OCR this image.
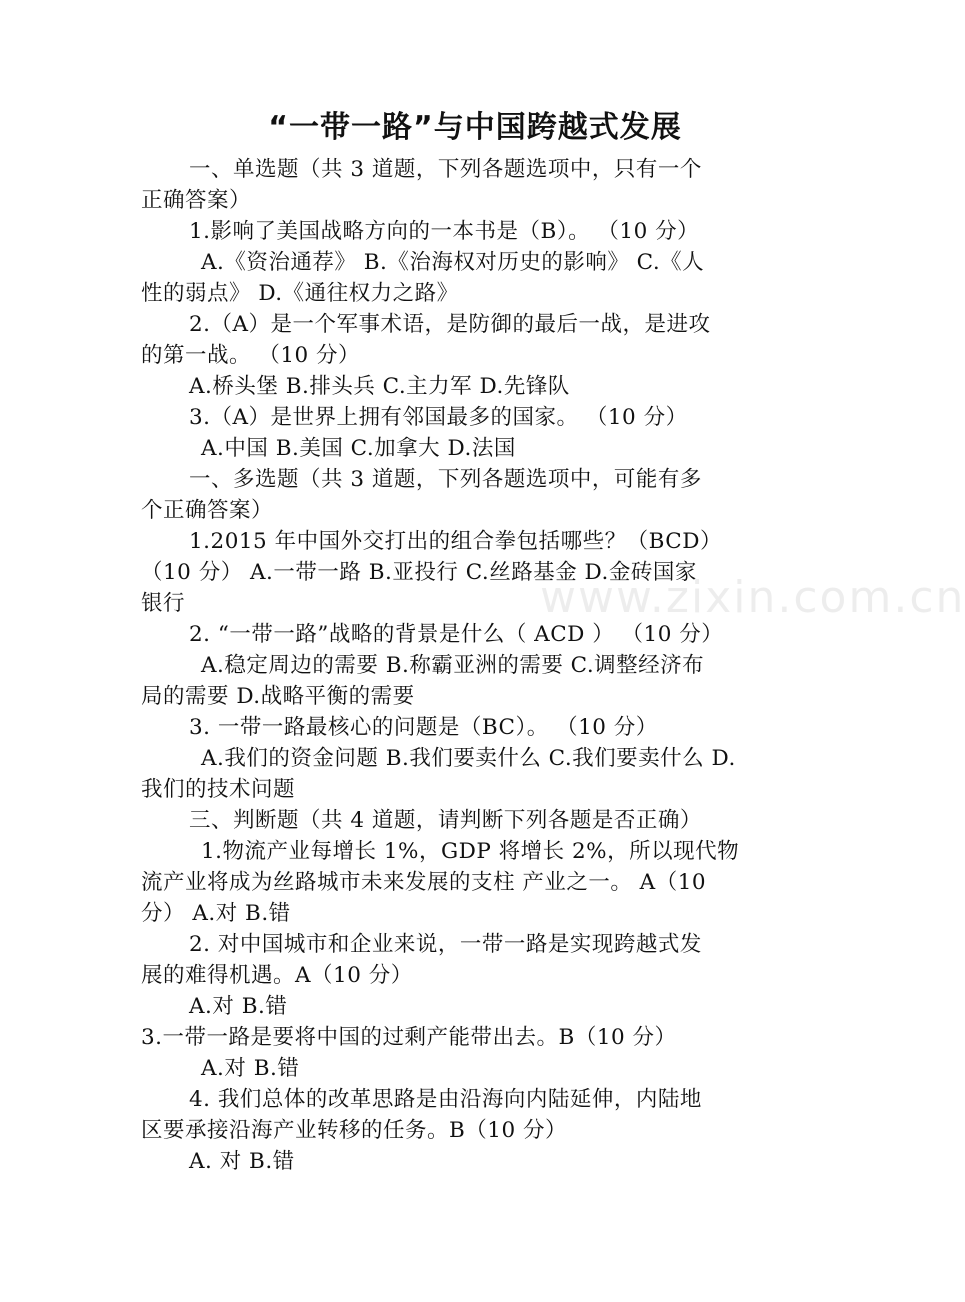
www.zixin.com.cn
“一带一路”与中国跨越式发展

一、单选题（共 3 道题，下列各题选项中，只有一个

正确答案）

1.影响了美国战略方向的一本书是（B）。 （10 分）

A.《资治通荐》 B.《治海权对历史的影响》 C.《人

性的弱点》 D.《通往权力之路》

2.（A）是一个军事术语，是防御的最后一战，是进攻

的第一战。 （10 分）

A.桥头堡 B.排头兵 C.主力军 D.先锋队

3.（A）是世界上拥有邻国最多的国家。 （10 分）

A.中国 B.美国 C.加拿大 D.法国

一、多选题（共 3 道题，下列各题选项中，可能有多

个正确答案）

1.2015 年中国外交打出的组合拳包括哪些？（BCD）

（10 分） A.一带一路 B.亚投行 C.丝路基金 D.金砖国家

银行

2. “一带一路”战略的背景是什么（ ACD ） （10 分）

A.稳定周边的需要 B.称霸亚洲的需要 C.调整经济布

局的需要 D.战略平衡的需要

3. 一带一路最核心的问题是（BC）。 （10 分）

A.我们的资金问题 B.我们要卖什么 C.我们要卖什么 D.

我们的技术问题

三、判断题（共 4 道题，请判断下列各题是否正确）

1.物流产业每增长 1%，GDP 将增长 2%，所以现代物

流产业将成为丝路城市未来发展的支柱 产业之一。 A（10

分） A.对 B.错

2. 对中国城市和企业来说，一带一路是实现跨越式发

展的难得机遇。A（10 分）

A.对 B.错

3.一带一路是要将中国的过剩产能带出去。B（10 分）

A.对 B.错

4. 我们总体的改革思路是由沿海向内陆延伸，内陆地

区要承接沿海产业转移的任务。B（10 分）

A. 对 B.错
